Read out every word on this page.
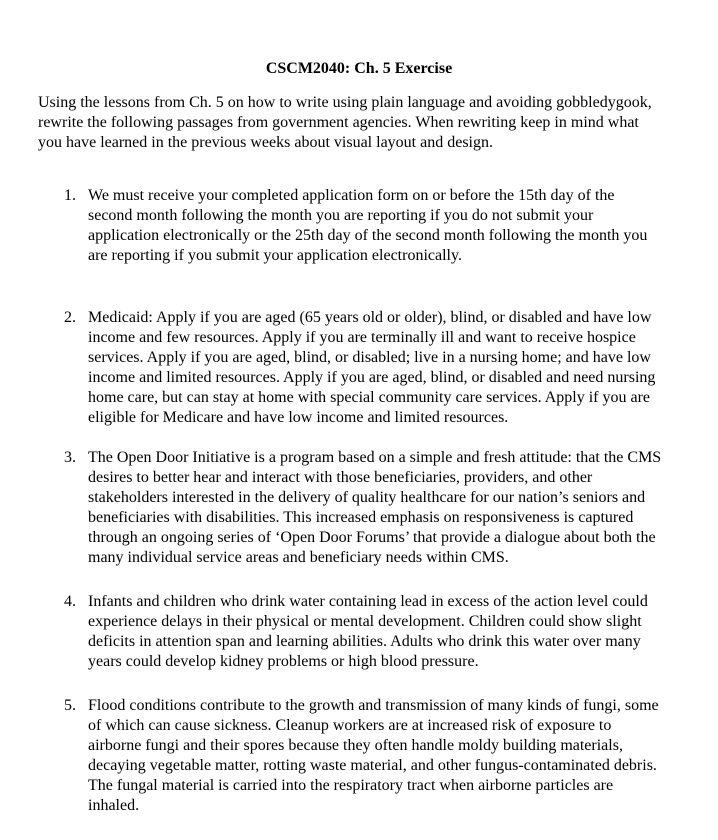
CSCM2040: Ch. 5 Exercise
Using the lessons from Ch. 5 on how to write using plain language and avoiding gobbledygook,
rewrite the following passages from government agencies. When rewriting keep in mind what
you have learned in the previous weeks about visual layout and design.
1. We must receive your completed application form on or before the 15th day of the
second month following the month you are reporting if you do not submit your
application electronically or the 25th day of the second month following the month you
are reporting if you submit your application electronically.
2. Medicaid: Apply if you are aged (65 years old or older), blind, or disabled and have low
income and few resources. Apply if you are terminally ill and want to receive hospice
services. Apply if you are aged, blind, or disabled; live in a nursing home; and have low
income and limited resources. Apply if you are aged, blind, or disabled and need nursing
home care, but can stay at home with special community care services. Apply if you are
eligible for Medicare and have low income and limited resources.
3. The Open Door Initiative is a program based on a simple and fresh attitude: that the CMS
desires to better hear and interact with those beneficiaries, providers, and other
stakeholders interested in the delivery of quality healthcare for our nation’s seniors and
beneficiaries with disabilities. This increased emphasis on responsiveness is captured
through an ongoing series of ‘Open Door Forums’ that provide a dialogue about both the
many individual service areas and beneficiary needs within CMS.
4. Infants and children who drink water containing lead in excess of the action level could
experience delays in their physical or mental development. Children could show slight
deficits in attention span and learning abilities. Adults who drink this water over many
years could develop kidney problems or high blood pressure.
5. Flood conditions contribute to the growth and transmission of many kinds of fungi, some
of which can cause sickness. Cleanup workers are at increased risk of exposure to
airborne fungi and their spores because they often handle moldy building materials,
decaying vegetable matter, rotting waste material, and other fungus-contaminated debris.
The fungal material is carried into the respiratory tract when airborne particles are
inhaled.
